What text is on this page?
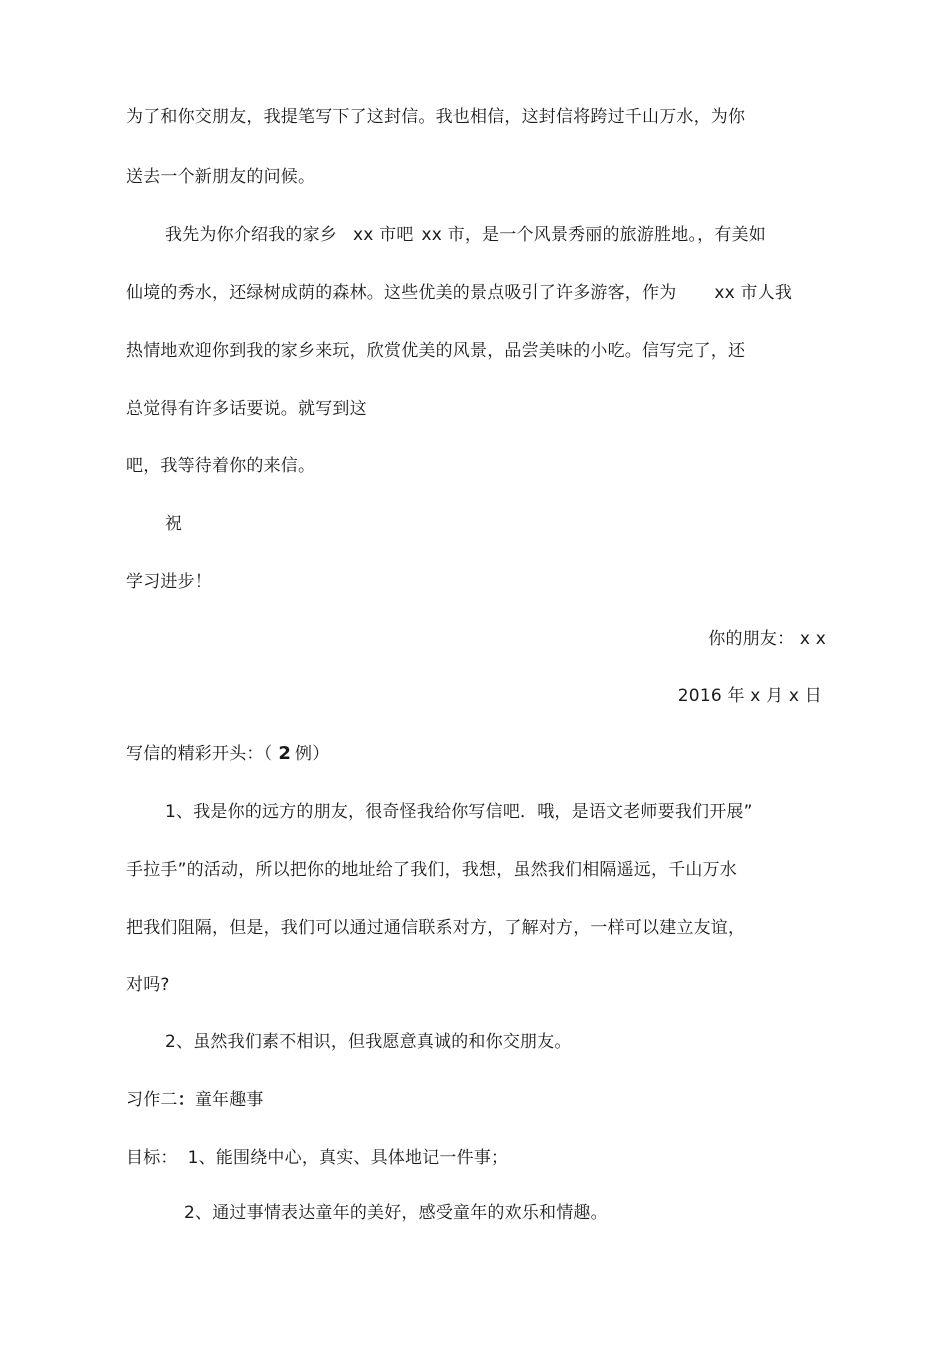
为了和你交朋友，我提笔写下了这封信。我也相信，这封信将跨过千山万水，为你
送去一个新朋友的问候。
我先为你介绍我的家乡 xx 市吧 xx 市，是一个风景秀丽的旅游胜地。，有美如
仙境的秀水，还绿树成荫的森林。这些优美的景点吸引了许多游客，作为 xx 市人我
热情地欢迎你到我的家乡来玩，欣赏优美的风景，品尝美味的小吃。信写完了，还
总觉得有许多话要说。就写到这
吧，我等待着你的来信。
祝
学习进步！
你的朋友： x x
2016 年 x 月 x 日
写信的精彩开头：（ 2 例）
1、我是你的远方的朋友，很奇怪我给你写信吧．哦，是语文老师要我们开展”
手拉手”的活动，所以把你的地址给了我们，我想，虽然我们相隔遥远，千山万水
把我们阻隔，但是，我们可以通过通信联系对方，了解对方，一样可以建立友谊，
对吗?
2、虽然我们素不相识，但我愿意真诚的和你交朋友。
习作二：童年趣事
目标： 1、能围绕中心，真实、具体地记一件事；
2、通过事情表达童年的美好，感受童年的欢乐和情趣。
